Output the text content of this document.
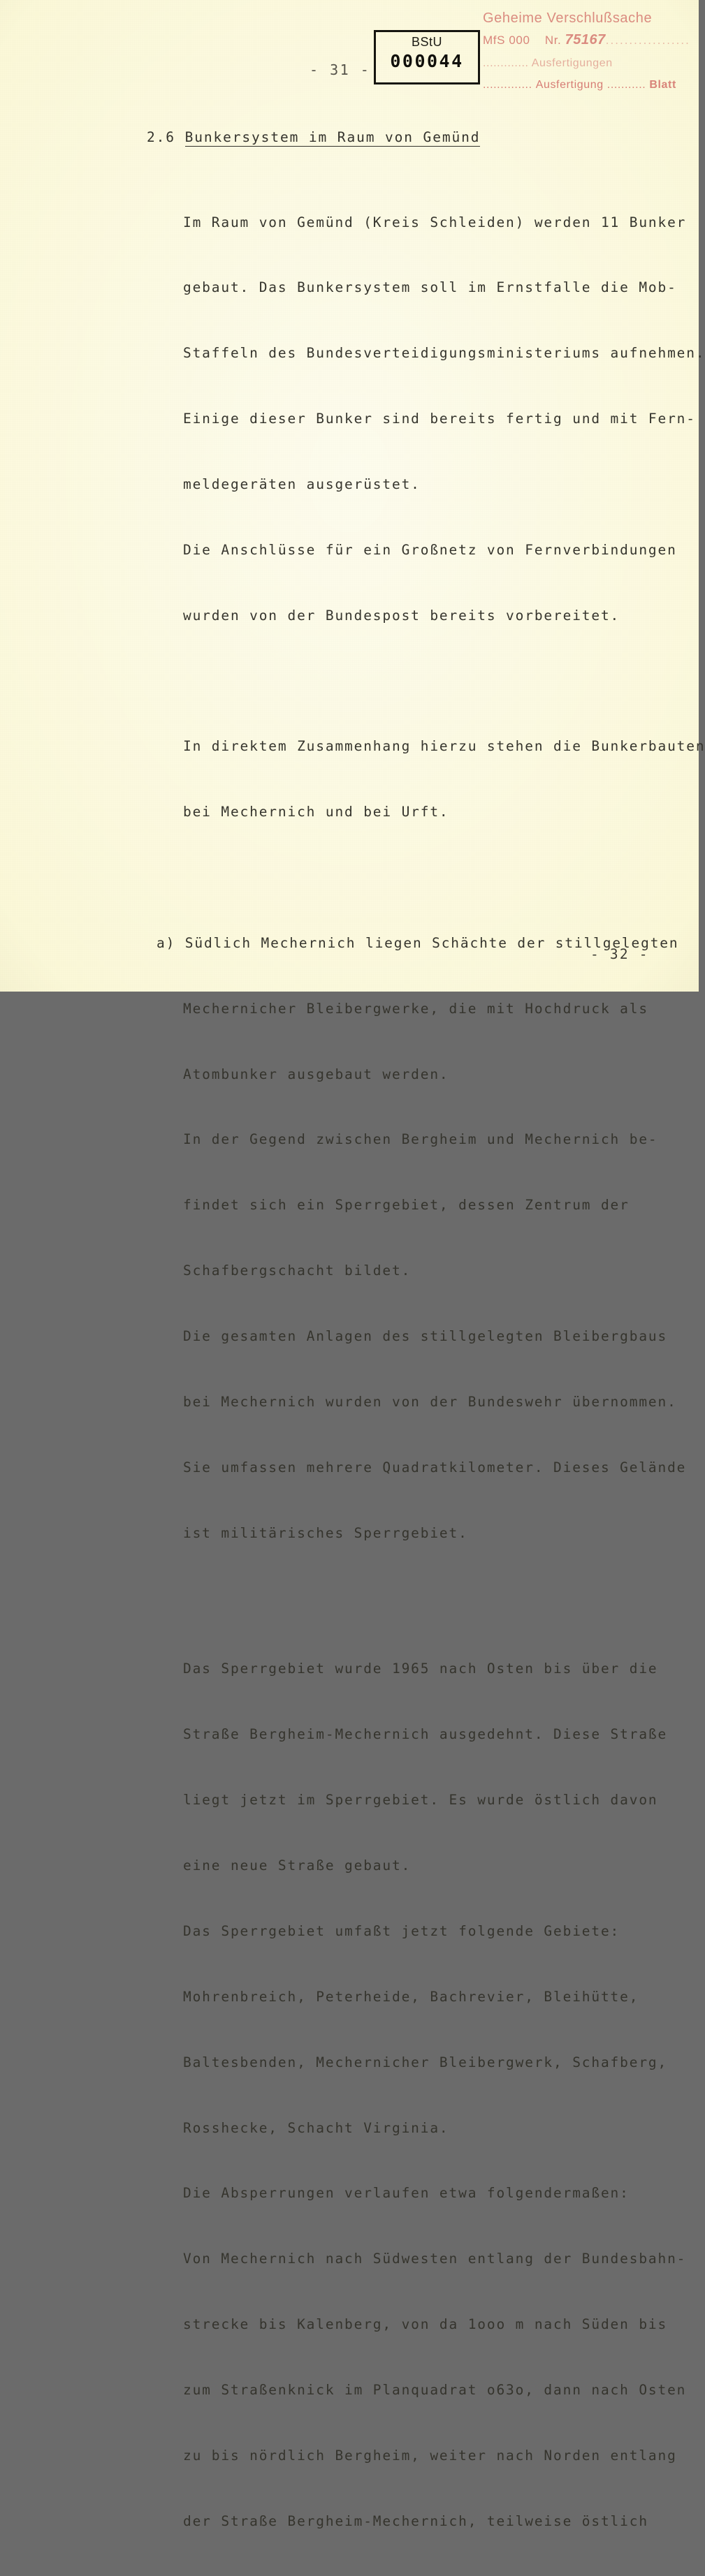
- 31 -
BStU
000044
Geheime Verschlußsache
MfS 000 Nr. 75167..................
............. Ausfertigungen
.............. Ausfertigung ........... Blatt
2.6 Bunkersystem im Raum von Gemünd

Im Raum von Gemünd (Kreis Schleiden) werden 11 Bunker

gebaut. Das Bunkersystem soll im Ernstfalle die Mob-

Staffeln des Bundesverteidigungsministeriums aufnehmen.

Einige dieser Bunker sind bereits fertig und mit Fern-

meldegeräten ausgerüstet.

Die Anschlüsse für ein Großnetz von Fernverbindungen

wurden von der Bundespost bereits vorbereitet.

In direktem Zusammenhang hierzu stehen die Bunkerbauten

bei Mechernich und bei Urft.

a) Südlich Mechernich liegen Schächte der stillgelegten

Mechernicher Bleibergwerke, die mit Hochdruck als

Atombunker ausgebaut werden.

In der Gegend zwischen Bergheim und Mechernich be-

findet sich ein Sperrgebiet, dessen Zentrum der

Schafbergschacht bildet.

Die gesamten Anlagen des stillgelegten Bleibergbaus

bei Mechernich wurden von der Bundeswehr übernommen.

Sie umfassen mehrere Quadratkilometer. Dieses Gelände

ist militärisches Sperrgebiet.

Das Sperrgebiet wurde 1965 nach Osten bis über die

Straße Bergheim-Mechernich ausgedehnt. Diese Straße

liegt jetzt im Sperrgebiet. Es wurde östlich davon

eine neue Straße gebaut.

Das Sperrgebiet umfaßt jetzt folgende Gebiete:

Mohrenbreich, Peterheide, Bachrevier, Bleihütte,

Baltesbenden, Mechernicher Bleibergwerk, Schafberg,

Rosshecke, Schacht Virginia.

Die Absperrungen verlaufen etwa folgendermaßen:

Von Mechernich nach Südwesten entlang der Bundesbahn-

strecke bis Kalenberg, von da 1ooo m nach Süden bis

zum Straßenknick im Planquadrat o63o, dann nach Osten

zu bis nördlich Bergheim, weiter nach Norden entlang

der Straße Bergheim-Mechernich, teilweise östlich

- 32 -
